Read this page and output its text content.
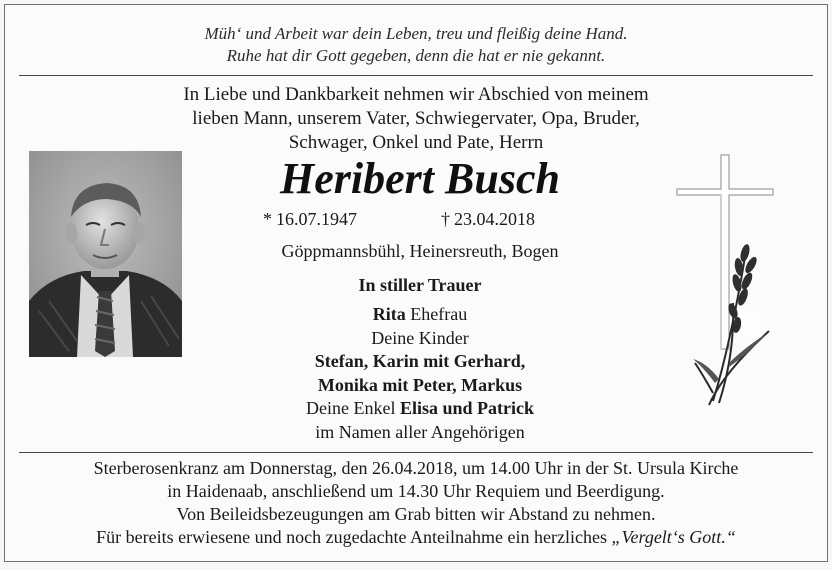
Müh‘ und Arbeit war dein Leben, treu und fleißig deine Hand.
Ruhe hat dir Gott gegeben, denn die hat er nie gekannt.
In Liebe und Dankbarkeit nehmen wir Abschied von meinem
lieben Mann, unserem Vater, Schwiegervater, Opa, Bruder,
Schwager, Onkel und Pate, Herrn
Heribert Busch
* 16.07.1947	† 23.04.2018
Göppmannsbühl, Heinersreuth, Bogen
In stiller Trauer
Rita Ehefrau
Deine Kinder
Stefan, Karin mit Gerhard,
Monika mit Peter, Markus
Deine Enkel Elisa und Patrick
im Namen aller Angehörigen
Sterberosenkranz am Donnerstag, den 26.04.2018, um 14.00 Uhr in der St. Ursula Kirche
in Haidenaab, anschließend um 14.30 Uhr Requiem und Beerdigung.
Von Beileidsbezeugungen am Grab bitten wir Abstand zu nehmen.
Für bereits erwiesene und noch zugedachte Anteilnahme ein herzliches „Vergelt‘s Gott.“
